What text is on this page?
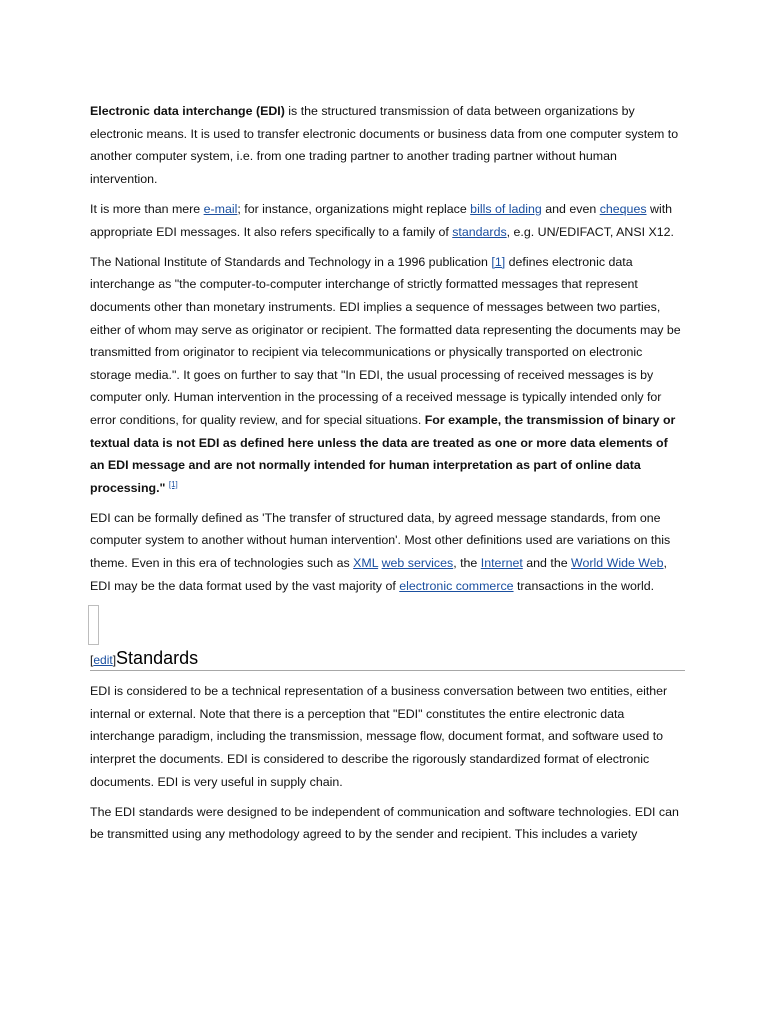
Electronic data interchange (EDI) is the structured transmission of data between organizations by electronic means. It is used to transfer electronic documents or business data from one computer system to another computer system, i.e. from one trading partner to another trading partner without human intervention.

It is more than mere e-mail; for instance, organizations might replace bills of lading and even cheques with appropriate EDI messages. It also refers specifically to a family of standards, e.g. UN/EDIFACT, ANSI X12.

The National Institute of Standards and Technology in a 1996 publication [1] defines electronic data interchange as "the computer-to-computer interchange of strictly formatted messages that represent documents other than monetary instruments. EDI implies a sequence of messages between two parties, either of whom may serve as originator or recipient. The formatted data representing the documents may be transmitted from originator to recipient via telecommunications or physically transported on electronic storage media.". It goes on further to say that "In EDI, the usual processing of received messages is by computer only. Human intervention in the processing of a received message is typically intended only for error conditions, for quality review, and for special situations. For example, the transmission of binary or textual data is not EDI as defined here unless the data are treated as one or more data elements of an EDI message and are not normally intended for human interpretation as part of online data processing." [1]

EDI can be formally defined as 'The transfer of structured data, by agreed message standards, from one computer system to another without human intervention'. Most other definitions used are variations on this theme. Even in this era of technologies such as XML web services, the Internet and the World Wide Web, EDI may be the data format used by the vast majority of electronic commerce transactions in the world.

[edit]Standards

EDI is considered to be a technical representation of a business conversation between two entities, either internal or external. Note that there is a perception that "EDI" constitutes the entire electronic data interchange paradigm, including the transmission, message flow, document format, and software used to interpret the documents. EDI is considered to describe the rigorously standardized format of electronic documents. EDI is very useful in supply chain.

The EDI standards were designed to be independent of communication and software technologies. EDI can be transmitted using any methodology agreed to by the sender and recipient. This includes a variety
